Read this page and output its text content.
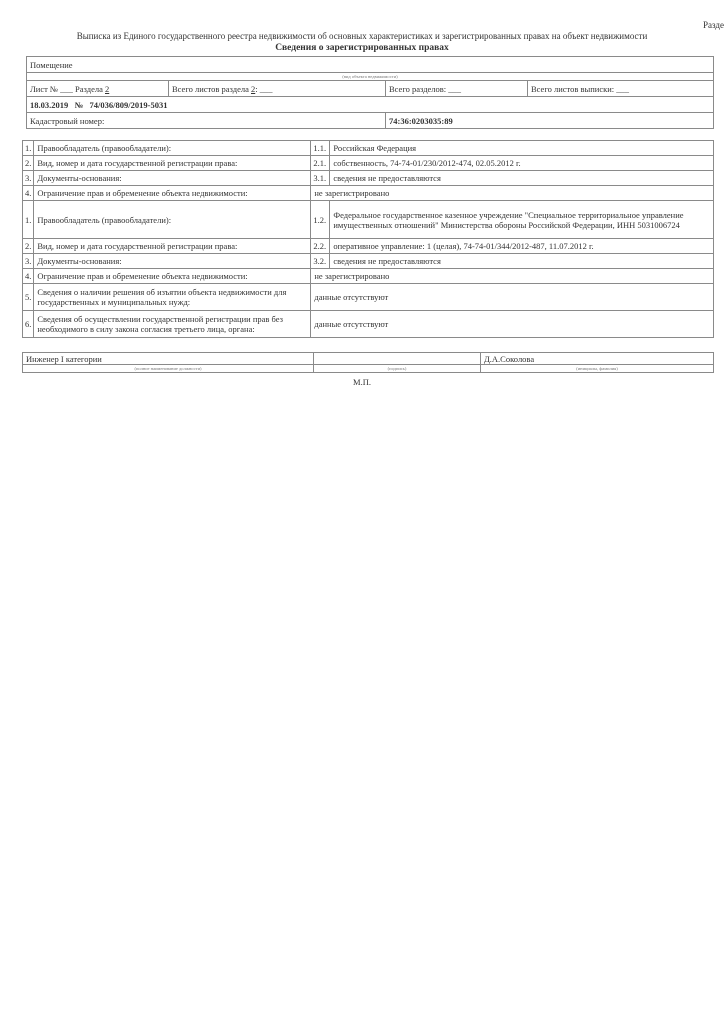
Разде
Выписка из Единого государственного реестра недвижимости об основных характеристиках и зарегистрированных правах на объект недвижимости
Сведения о зарегистрированных правах
Помещение			
(вид объекта недвижимости)			
Лист № ___ Раздела 2	Всего листов раздела 2: ___	Всего разделов: ___	Всего листов выписки: ___
18.03.2019 № 74/036/809/2019-5031			
Кадастровый номер:		74:36:0203035:89	
1.	Правообладатель (правообладатели):	1.1.	Российская Федерация
2.	Вид, номер и дата государственной регистрации права:	2.1.	собственность, 74-74-01/230/2012-474, 02.05.2012 г.
3.	Документы-основания:	3.1.	сведения не предоставляются
4.	Ограничение прав и обременение объекта недвижимости:	не зарегистрировано	
1.	Правообладатель (правообладатели):	1.2.	Федеральное государственное казенное учреждение "Специальное территориальное управление имущественных отношений" Министерства обороны Российской Федерации, ИНН 5031006724
2.	Вид, номер и дата государственной регистрации права:	2.2.	оперативное управление: 1 (целая), 74-74-01/344/2012-487, 11.07.2012 г.
3.	Документы-основания:	3.2.	сведения не предоставляются
4.	Ограничение прав и обременение объекта недвижимости:	не зарегистрировано	
5.	Сведения о наличии решения об изъятии объекта недвижимости для государственных и муниципальных нужд:	данные отсутствуют	
6.	Сведения об осуществлении государственной регистрации прав без необходимого в силу закона согласия третьего лица, органа:	данные отсутствуют	
Инженер I категории		Д.А.Соколова
(полное наименование должности)	(подпись)	(инициалы, фамилия)
М.П.
